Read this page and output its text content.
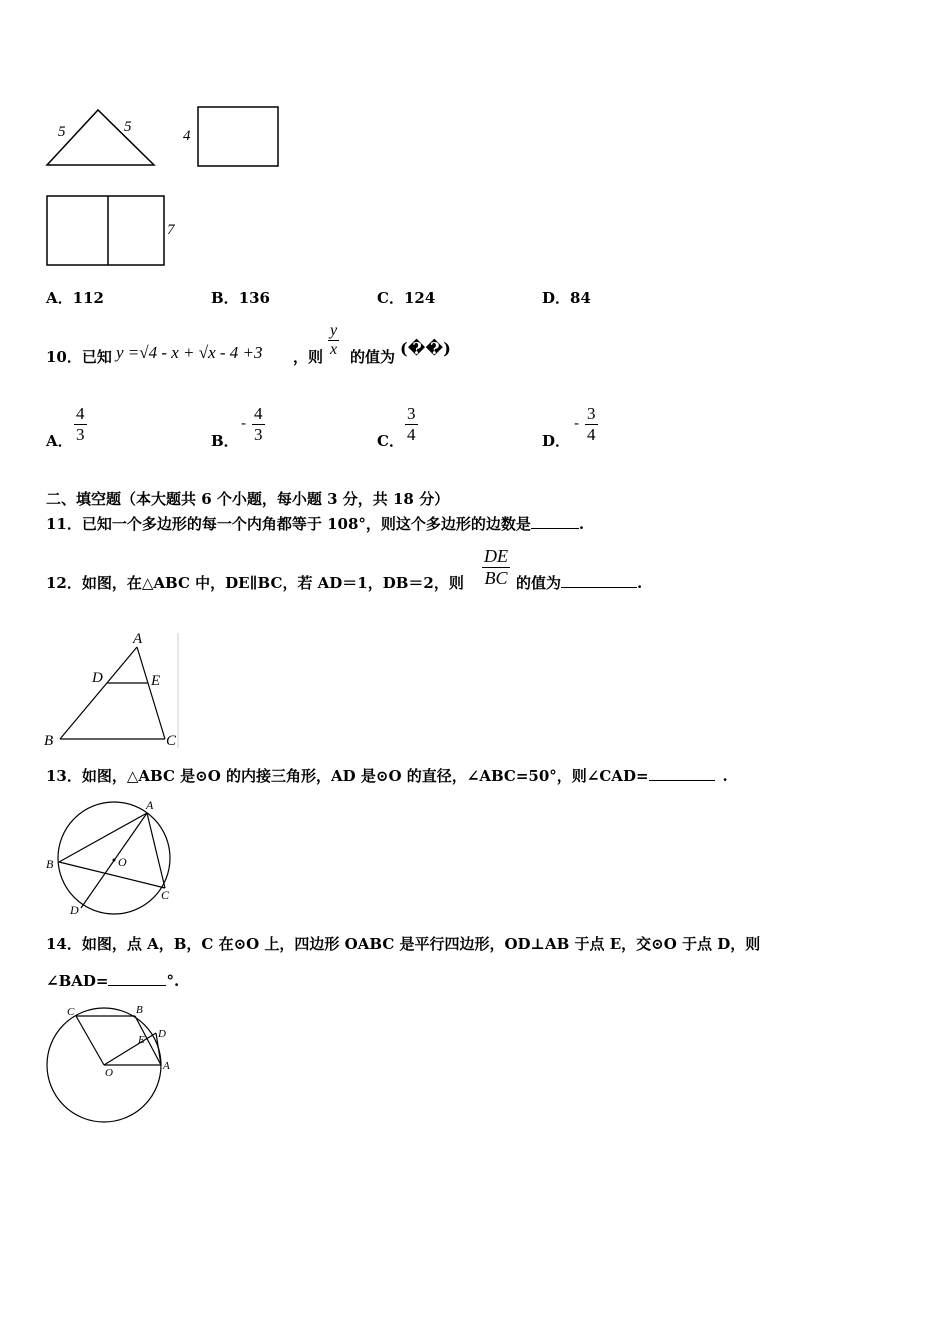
5	5
4
7
A．112	B．136	C．124	D．84
10．已知 y =√4 - x + √x - 4 +3 ，则 $\frac{y}{x}$ 的值为 (��)
A． $\frac{4}{3}$	B．
- $\frac{4}{3}$	C． $\frac{3}{4}$	D．
- $\frac{3}{4}$
二、填空题（本大题共 6 个小题，每小题 3 分，共 18 分）
11．已知一个多边形的每一个内角都等于 108°，则这个多边形的边数是	.
12．如图，在△ABC 中，DE∥BC，若 AD＝1，DB＝2，则 $\frac{DE}{BC}$ 的值为	.
A
B	C
D	E
13．如图，△ABC 是⊙O 的内接三角形，AD 是⊙O 的直径，∠ABC=50°，则∠CAD=	.
A
B
C
D
O
14．如图，点 A，B，C 在⊙O 上，四边形 OABC 是平行四边形，OD⊥AB 于点 E，交⊙O 于点 D，则
∠BAD=	°.
A
B
C
D
E
O
